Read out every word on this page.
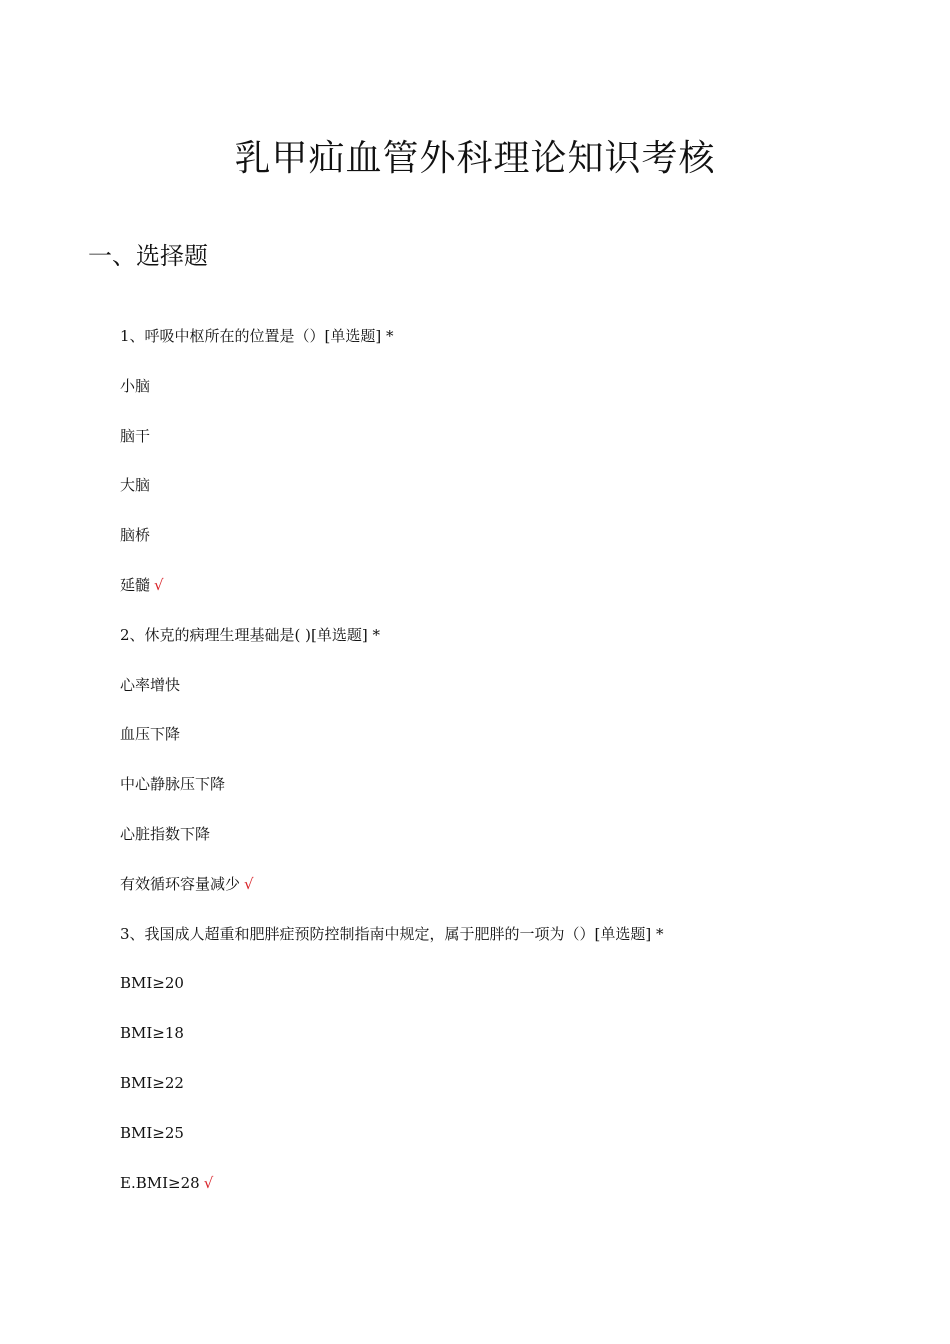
乳甲疝血管外科理论知识考核
一、选择题
1、呼吸中枢所在的位置是（）[单选题] *
小脑
脑干
大脑
脑桥
延髓 √
2、休克的病理生理基础是( )[单选题] *
心率增快
血压下降
中心静脉压下降
心脏指数下降
有效循环容量减少 √
3、我国成人超重和肥胖症预防控制指南中规定，属于肥胖的一项为（）[单选题] *
BMI≥20
BMI≥18
BMI≥22
BMI≥25
E.BMI≥28 √
